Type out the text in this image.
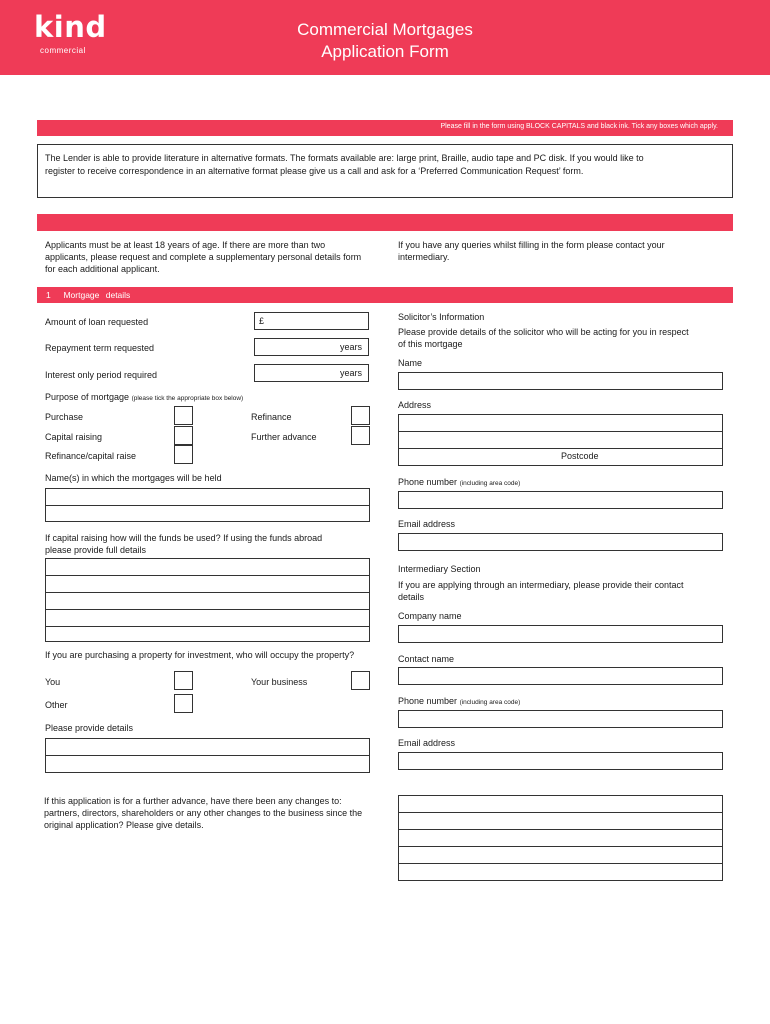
kind
commercial
Commercial Mortgages
Application Form
Please fill in the form using BLOCK CAPITALS and black ink. Tick any boxes which apply.
The Lender is able to provide literature in alternative formats. The formats available are: large print, Braille, audio tape and PC disk. If you would like to register to receive correspondence in an alternative format please give us a call and ask for a ‘Preferred Communication Request’ form.
Applicants must be at least 18 years of age. If there are more than two applicants, please request and complete a supplementary personal details form for each additional applicant.
If you have any queries whilst filling in the form please contact your intermediary.
1 Mortgage details
Amount of loan requested	£
Repayment term requested	years
Interest only period required	years
Purpose of mortgage (please tick the appropriate box below)
Purchase	Refinance
Capital raising	Further advance
Refinance/capital raise
Name(s) in which the mortgages will be held
If capital raising how will the funds be used? If using the funds abroad please provide full details
If you are purchasing a property for investment, who will occupy the property?
You	Your business
Other
Please provide details
If this application is for a further advance, have there been any changes to: partners, directors, shareholders or any other changes to the business since the original application? Please give details.
Solicitor’s Information
Please provide details of the solicitor who will be acting for you in respect of this mortgage
Name
Address
Postcode
Phone number (including area code)
Email address
Intermediary Section
If you are applying through an intermediary, please provide their contact details
Company name
Contact name
Phone number (including area code)
Email address
